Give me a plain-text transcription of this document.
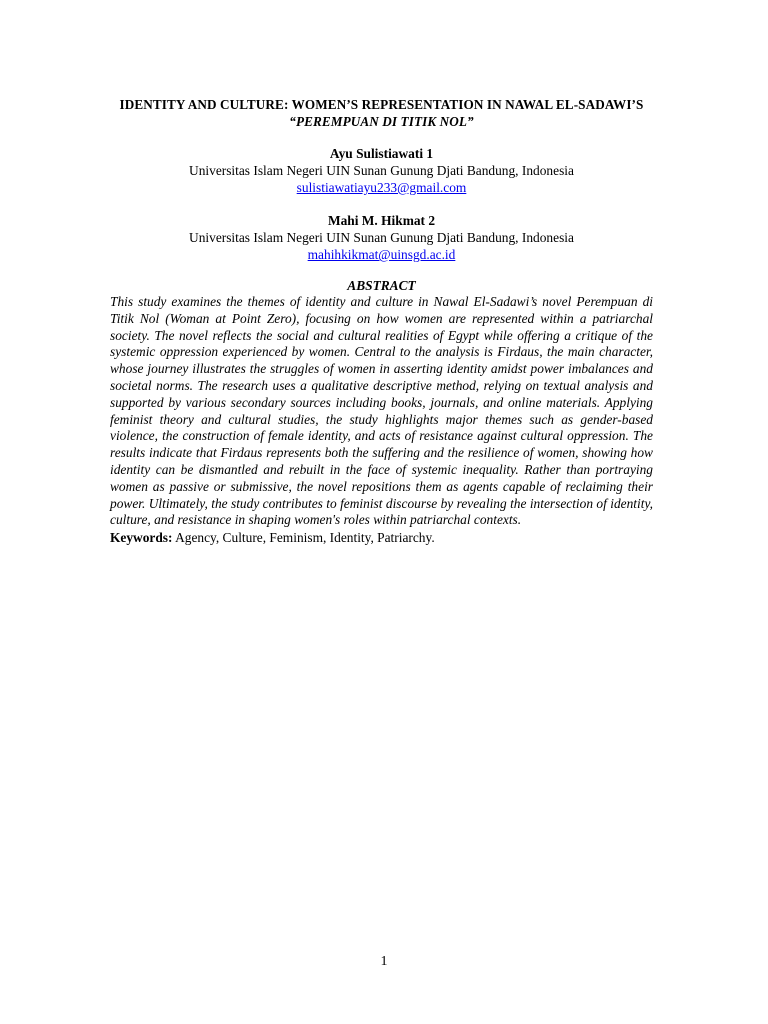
IDENTITY AND CULTURE: WOMEN’S REPRESENTATION IN NAWAL EL-SADAWI’S “PEREMPUAN DI TITIK NOL”

Ayu Sulistiawati 1
Universitas Islam Negeri UIN Sunan Gunung Djati Bandung, Indonesia
sulistiawatiayu233@gmail.com
Mahi M. Hikmat 2
Universitas Islam Negeri UIN Sunan Gunung Djati Bandung, Indonesia
mahihkikmat@uinsgd.ac.id
ABSTRACT

This study examines the themes of identity and culture in Nawal El-Sadawi’s novel Perempuan di Titik Nol (Woman at Point Zero), focusing on how women are represented within a patriarchal society. The novel reflects the social and cultural realities of Egypt while offering a critique of the systemic oppression experienced by women. Central to the analysis is Firdaus, the main character, whose journey illustrates the struggles of women in asserting identity amidst power imbalances and societal norms. The research uses a qualitative descriptive method, relying on textual analysis and supported by various secondary sources including books, journals, and online materials. Applying feminist theory and cultural studies, the study highlights major themes such as gender-based violence, the construction of female identity, and acts of resistance against cultural oppression. The results indicate that Firdaus represents both the suffering and the resilience of women, showing how identity can be dismantled and rebuilt in the face of systemic inequality. Rather than portraying women as passive or submissive, the novel repositions them as agents capable of reclaiming their power. Ultimately, the study contributes to feminist discourse by revealing the intersection of identity, culture, and resistance in shaping women's roles within patriarchal contexts.

Keywords: Agency, Culture, Feminism, Identity, Patriarchy.
1
